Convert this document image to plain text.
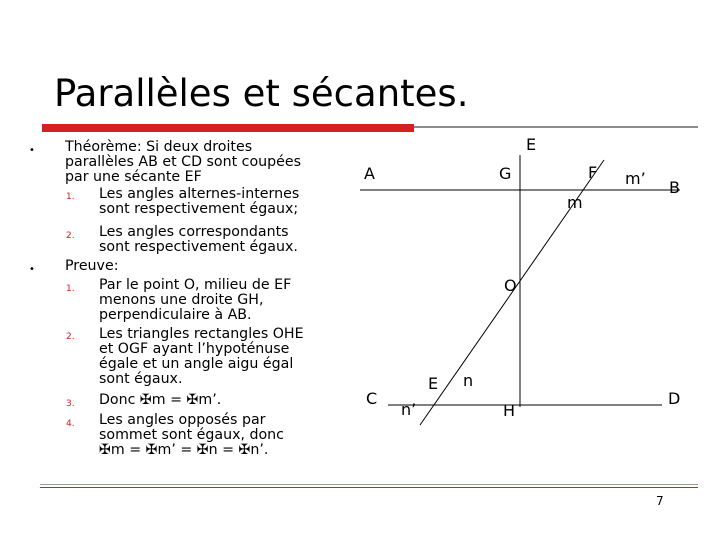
Parallèles et sécantes.
• Théorème: Si deux droites
parallèles AB et CD sont coupées
par une sécante EF
1. Les angles alternes-internes
sont respectivement égaux;
2. Les angles correspondants
sont respectivement égaux.
• Preuve:
1. Par le point O, milieu de EF
menons une droite GH,
perpendiculaire à AB.
2. Les triangles rectangles OHE
et OGF ayant l’hypoténuse
égale et un angle aigu égal
sont égaux.
3. Donc ✠m = ✠m’.
4. Les angles opposés par
sommet sont égaux, donc
✠m = ✠m’ = ✠n = ✠n’.
E
A	G	F m’ B
m
O
E n
C
n’	H
D
7
